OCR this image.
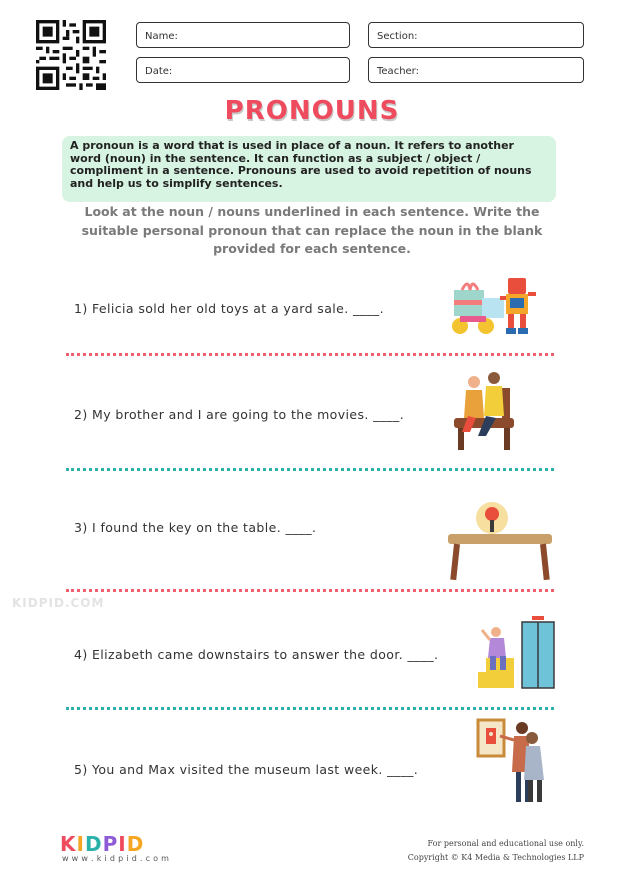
Name:	Section:
Date:	Teacher:
PRONOUNS
A pronoun is a word that is used in place of a noun. It refers to another word (noun) in the sentence. It can function as a subject / object / compliment in a sentence. Pronouns are used to avoid repetition of nouns and help us to simplify sentences.
Look at the noun / nouns underlined in each sentence. Write the suitable personal pronoun that can replace the noun in the blank provided for each sentence.
1) Felicia sold her old toys at a yard sale. ____.
2) My brother and I are going to the movies. ____.
3) I found the key on the table. ____.
KIDPID.COM
4) Elizabeth came downstairs to answer the door. ____.
5) You and Max visited the museum last week. ____.
KIDPID
w w w . k i d p i d . c o m
For personal and educational use only.
Copyright © K4 Media & Technologies LLP
